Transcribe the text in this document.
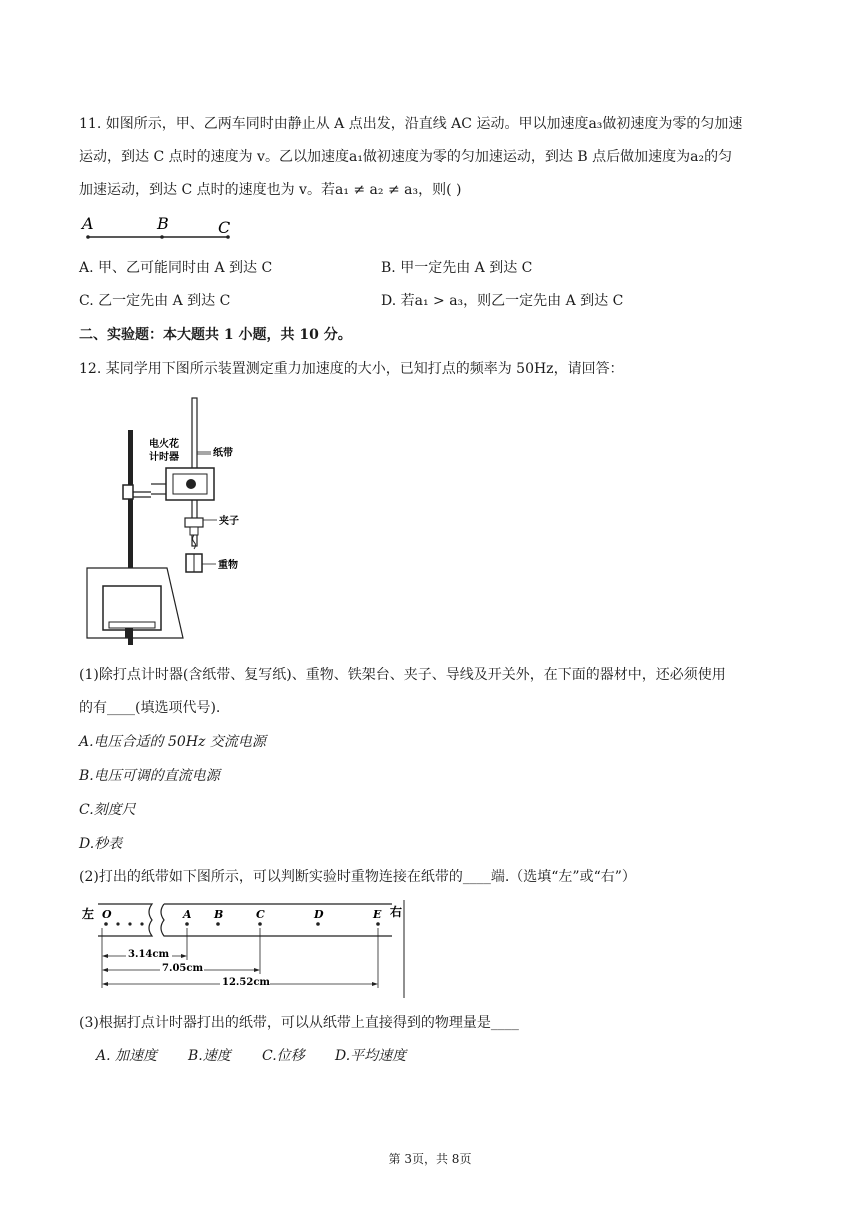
11. 如图所示，甲、乙两车同时由静止从 A 点出发，沿直线 AC 运动。甲以加速度a₃做初速度为零的匀加速
运动，到达 C 点时的速度为 v。乙以加速度a₁做初速度为零的匀加速运动，到达 B 点后做加速度为a₂的匀
加速运动，到达 C 点时的速度也为 v。若a₁ ≠ a₂ ≠ a₃，则( )
A	B	C
A. 甲、乙可能同时由 A 到达 C	B. 甲一定先由 A 到达 C
C. 乙一定先由 A 到达 C	D. 若a₁ > a₃，则乙一定先由 A 到达 C
二、实验题：本大题共 1 小题，共 10 分。
12. 某同学用下图所示装置测定重力加速度的大小，已知打点的频率为 50Hz，请回答：
电火花
计时器	纸带
夹子
重物
(1)除打点计时器(含纸带、复写纸)、重物、铁架台、夹子、导线及开关外，在下面的器材中，还必须使用
的有____(填选项代号).
A.电压合适的 50Hz 交流电源
B.电压可调的直流电源
C.刻度尺
D.秒表
(2)打出的纸带如下图所示，可以判断实验时重物连接在纸带的____端.（选填“左”或“右”）
左	右
O	A B	C	D	E
3.14cm
7.05cm
12.52cm
(3)根据打点计时器打出的纸带，可以从纸带上直接得到的物理量是____
A. 加速度 B.速度 C.位移 D.平均速度
第 3页，共 8页
